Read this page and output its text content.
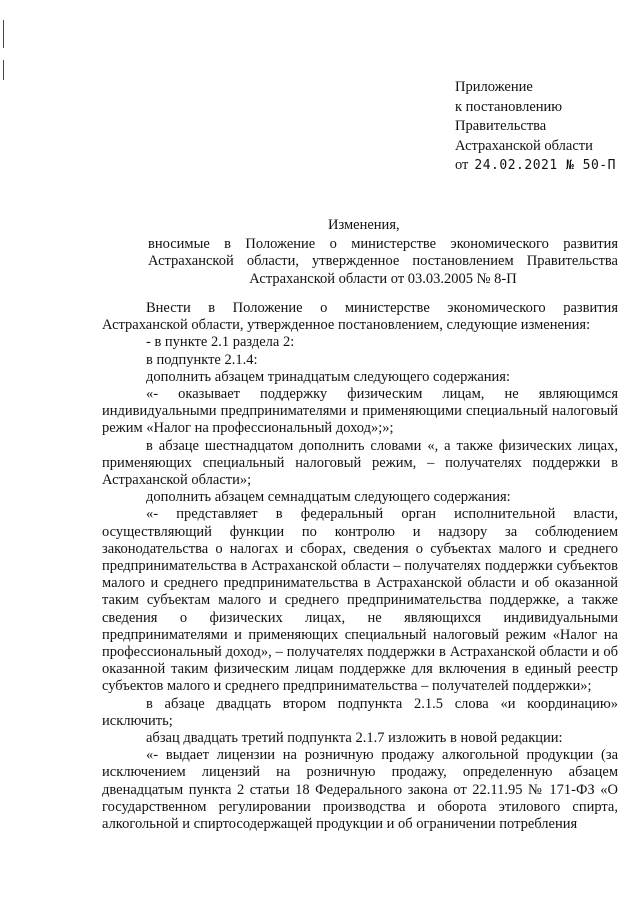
Приложение
к постановлению
Правительства
Астраханской области
от 24.02.2021 № 50-П
Изменения,
вносимые в Положение о министерстве экономического развития Астраханской области, утвержденное постановлением Правительства Астраханской области от 03.03.2005 № 8-П

Внести в Положение о министерстве экономического развития Астраханской области, утвержденное постановлением, следующие изменения:

- в пункте 2.1 раздела 2:

в подпункте 2.1.4:

дополнить абзацем тринадцатым следующего содержания:

«- оказывает поддержку физическим лицам, не являющимся индивидуальными предпринимателями и применяющими специальный налоговый режим «Налог на профессиональный доход»;»;

в абзаце шестнадцатом дополнить словами «, а также физических лицах, применяющих специальный налоговый режим, – получателях поддержки в Астраханской области»;

дополнить абзацем семнадцатым следующего содержания:

«- представляет в федеральный орган исполнительной власти, осуществляющий функции по контролю и надзору за соблюдением законодательства о налогах и сборах, сведения о субъектах малого и среднего предпринимательства в Астраханской области – получателях поддержки субъектов малого и среднего предпринимательства в Астраханской области и об оказанной таким субъектам малого и среднего предпринимательства поддержке, а также сведения о физических лицах, не являющихся индивидуальными предпринимателями и применяющих специальный налоговый режим «Налог на профессиональный доход», – получателях поддержки в Астраханской области и об оказанной таким физическим лицам поддержке для включения в единый реестр субъектов малого и среднего предпринимательства – получателей поддержки»;

в абзаце двадцать втором подпункта 2.1.5 слова «и координацию» исключить;

абзац двадцать третий подпункта 2.1.7 изложить в новой редакции:

«- выдает лицензии на розничную продажу алкогольной продукции (за исключением лицензий на розничную продажу, определенную абзацем двенадцатым пункта 2 статьи 18 Федерального закона от 22.11.95 № 171-ФЗ «О государственном регулировании производства и оборота этилового спирта, алкогольной и спиртосодержащей продукции и об ограничении потребления
